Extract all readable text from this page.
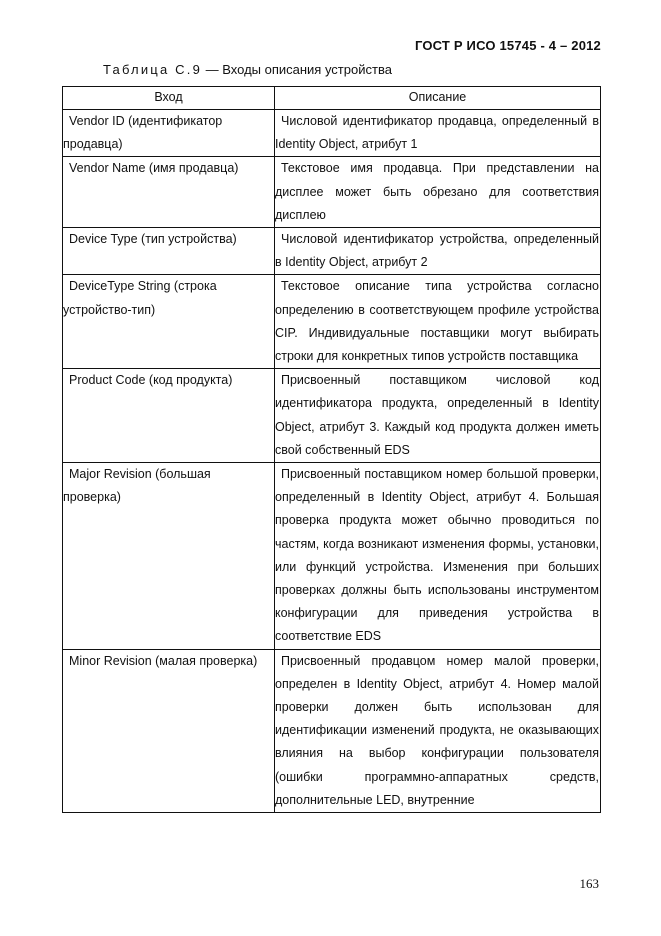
ГОСТ Р ИСО 15745 - 4 – 2012
Таблица С.9 — Входы описания устройства
Вход	Описание
Vendor ID (идентификатор продавца)	Числовой идентификатор продавца, определенный в Identity Object, атрибут 1
Vendor Name (имя продавца)	Текстовое имя продавца. При представлении на дисплее может быть обрезано для соответствия дисплею
Device Type (тип устройства)	Числовой идентификатор устройства, определенный в Identity Object, атрибут 2
DeviceType String (строка устройство-тип)	Текстовое описание типа устройства согласно определению в соответствующем профиле устройства CIP. Индивидуальные поставщики могут выбирать строки для конкретных типов устройств поставщика
Product Code (код продукта)	Присвоенный поставщиком числовой код идентификатора продукта, определенный в Identity Object, атрибут 3. Каждый код продукта должен иметь свой собственный EDS
Major Revision (большая проверка)	Присвоенный поставщиком номер большой проверки, определенный в Identity Object, атрибут 4. Большая проверка продукта может обычно проводиться по частям, когда возникают изменения формы, установки, или функций устройства. Изменения при больших проверках должны быть использованы инструментом конфигурации для приведения устройства в соответствие EDS
Minor Revision (малая проверка)	Присвоенный продавцом номер малой проверки, определен в Identity Object, атрибут 4. Номер малой проверки должен быть использован для идентификации изменений продукта, не оказывающих влияния на выбор конфигурации пользователя (ошибки программно-аппаратных средств, дополнительные LED, внутренние
163
